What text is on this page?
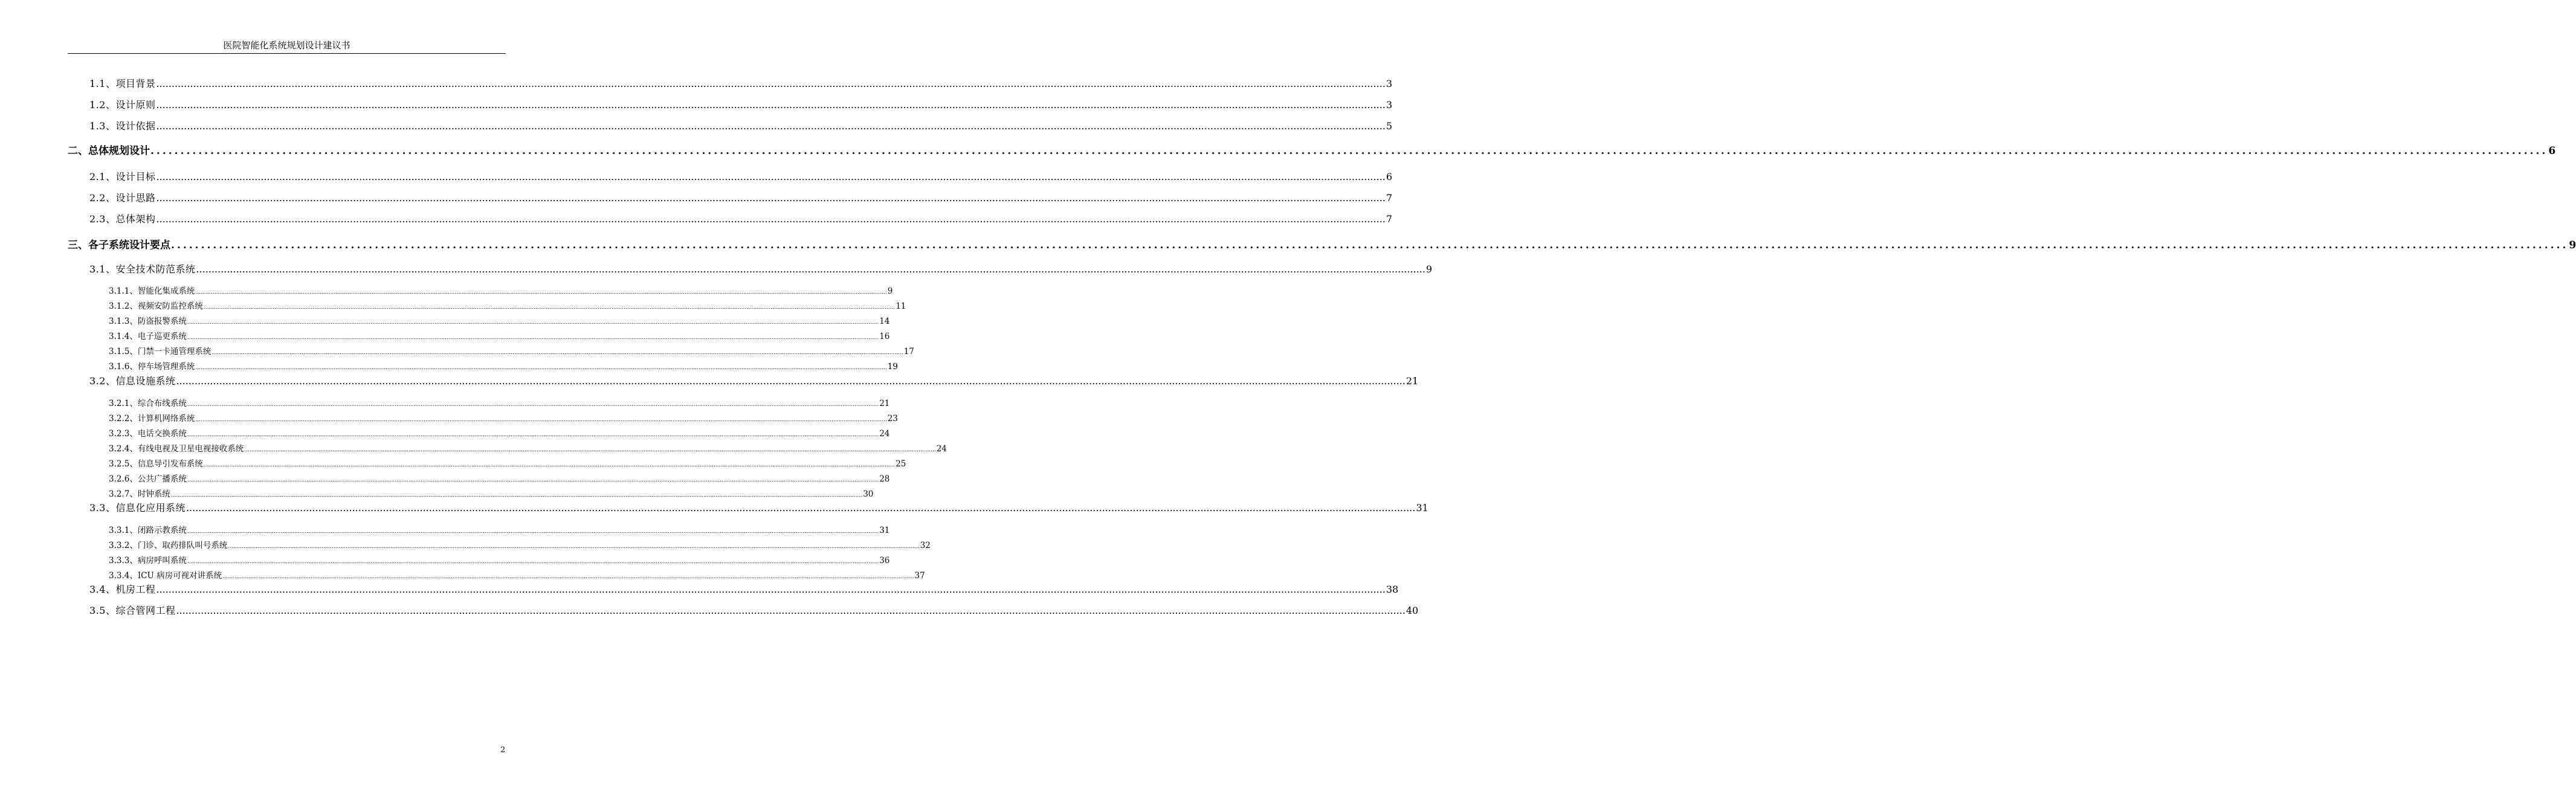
医院智能化系统规划设计建议书
1.1、项目背景 ................................................................................................................................................................................................................................................................................................................................................................................................................ 3
1.2、设计原则 ................................................................................................................................................................................................................................................................................................................................................................................................................ 3
1.3、设计依据 ................................................................................................................................................................................................................................................................................................................................................................................................................ 5
二、总体规划设计 ................................................................................................................................................................................................................................................................................................................................................................................................................ 6
2.1、设计目标 ................................................................................................................................................................................................................................................................................................................................................................................................................ 6
2.2、设计思路 ................................................................................................................................................................................................................................................................................................................................................................................................................ 7
2.3、总体架构 ................................................................................................................................................................................................................................................................................................................................................................................................................ 7
三、各子系统设计要点 ................................................................................................................................................................................................................................................................................................................................................................................................................ 9
3.1、安全技术防范系统 ................................................................................................................................................................................................................................................................................................................................................................................................................ 9
3.1.1、智能化集成系统 ................................................................................................................................................................................................................................................................................................................................................................................................................ 9
3.1.2、视频安防监控系统 ................................................................................................................................................................................................................................................................................................................................................................................................................ 11
3.1.3、防盗报警系统 ................................................................................................................................................................................................................................................................................................................................................................................................................ 14
3.1.4、电子巡更系统 ................................................................................................................................................................................................................................................................................................................................................................................................................ 16
3.1.5、门禁一卡通管理系统 ................................................................................................................................................................................................................................................................................................................................................................................................................ 17
3.1.6、停车场管理系统 ................................................................................................................................................................................................................................................................................................................................................................................................................ 19
3.2、信息设施系统 ................................................................................................................................................................................................................................................................................................................................................................................................................ 21
3.2.1、综合布线系统 ................................................................................................................................................................................................................................................................................................................................................................................................................ 21
3.2.2、计算机网络系统 ................................................................................................................................................................................................................................................................................................................................................................................................................ 23
3.2.3、电话交换系统 ................................................................................................................................................................................................................................................................................................................................................................................................................ 24
3.2.4、有线电视及卫星电视接收系统 ................................................................................................................................................................................................................................................................................................................................................................................................................ 24
3.2.5、信息导引发布系统 ................................................................................................................................................................................................................................................................................................................................................................................................................ 25
3.2.6、公共广播系统 ................................................................................................................................................................................................................................................................................................................................................................................................................ 28
3.2.7、时钟系统 ................................................................................................................................................................................................................................................................................................................................................................................................................ 30
3.3、信息化应用系统 ................................................................................................................................................................................................................................................................................................................................................................................................................ 31
3.3.1、闭路示教系统 ................................................................................................................................................................................................................................................................................................................................................................................................................ 31
3.3.2、门诊、取药排队叫号系统 ................................................................................................................................................................................................................................................................................................................................................................................................................ 32
3.3.3、病房呼叫系统 ................................................................................................................................................................................................................................................................................................................................................................................................................ 36
3.3.4、ICU 病房可视对讲系统 ................................................................................................................................................................................................................................................................................................................................................................................................................ 37
3.4、机房工程 ................................................................................................................................................................................................................................................................................................................................................................................................................ 38
3.5、综合管网工程 ................................................................................................................................................................................................................................................................................................................................................................................................................ 40
2
